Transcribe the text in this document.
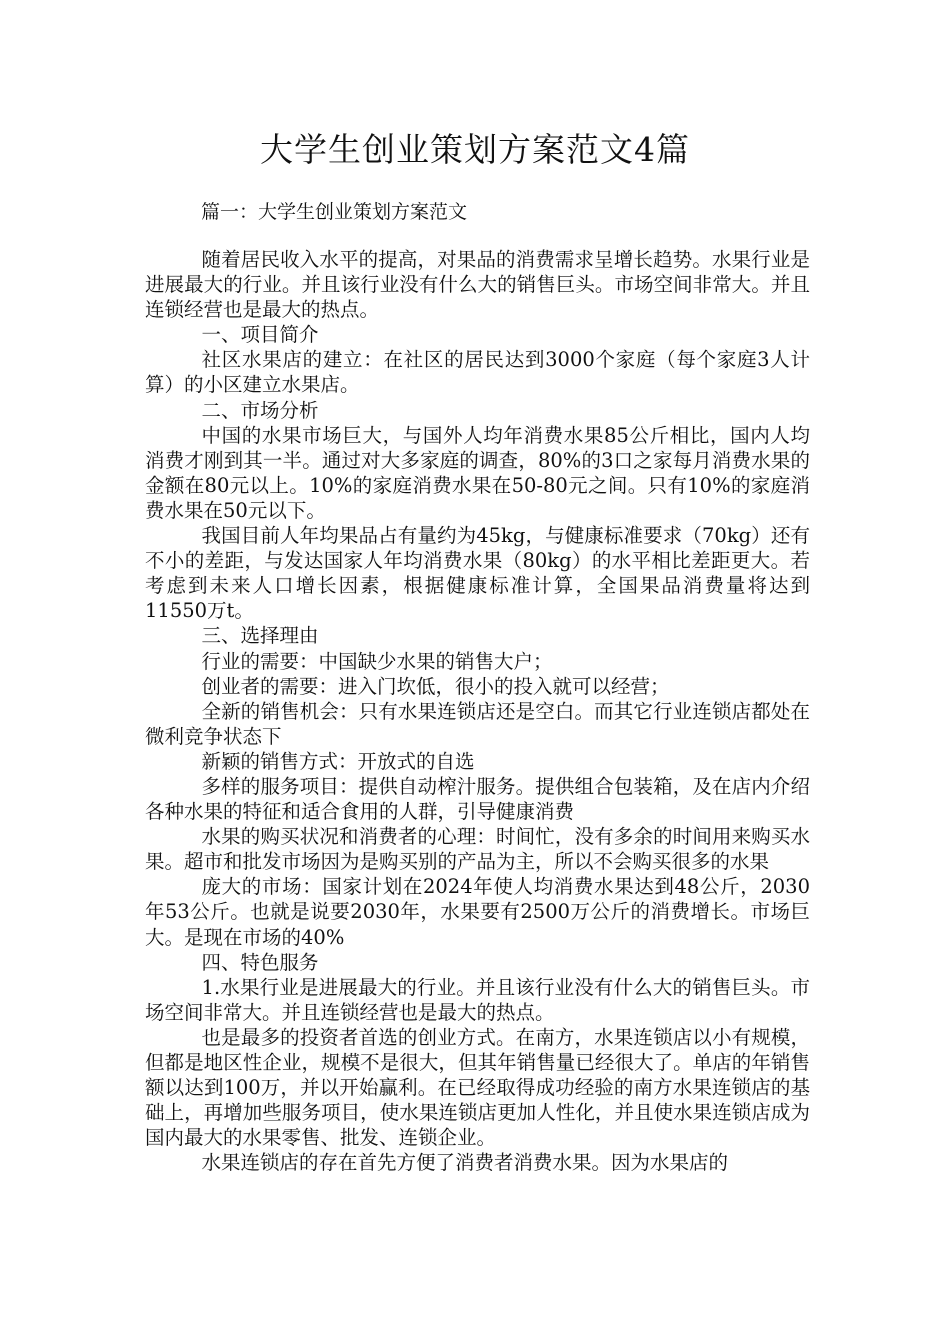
大学生创业策划方案范文4篇

篇一：大学生创业策划方案范文

随着居民收入水平的提高，对果品的消费需求呈增长趋势。水果行业是进展最大的行业。并且该行业没有什么大的销售巨头。市场空间非常大。并且连锁经营也是最大的热点。

一、项目简介

社区水果店的建立：在社区的居民达到3000个家庭（每个家庭3人计算）的小区建立水果店。

二、市场分析

中国的水果市场巨大，与国外人均年消费水果85公斤相比，国内人均消费才刚到其一半。通过对大多家庭的调查，80%的3口之家每月消费水果的金额在80元以上。10%的家庭消费水果在50-80元之间。只有10%的家庭消费水果在50元以下。

我国目前人年均果品占有量约为45kg，与健康标准要求（70kg）还有不小的差距，与发达国家人年均消费水果（80kg）的水平相比差距更大。若考虑到未来人口增长因素，根据健康标准计算，全国果品消费量将达到11550万t。

三、选择理由

行业的需要：中国缺少水果的销售大户；

创业者的需要：进入门坎低，很小的投入就可以经营；

全新的销售机会：只有水果连锁店还是空白。而其它行业连锁店都处在微利竞争状态下

新颖的销售方式：开放式的自选

多样的服务项目：提供自动榨汁服务。提供组合包装箱，及在店内介绍各种水果的特征和适合食用的人群，引导健康消费

水果的购买状况和消费者的心理：时间忙，没有多余的时间用来购买水果。超市和批发市场因为是购买别的产品为主，所以不会购买很多的水果

庞大的市场：国家计划在2024年使人均消费水果达到48公斤，2030年53公斤。也就是说要2030年，水果要有2500万公斤的消费增长。市场巨大。是现在市场的40%

四、特色服务

1.水果行业是进展最大的行业。并且该行业没有什么大的销售巨头。市场空间非常大。并且连锁经营也是最大的热点。

也是最多的投资者首选的创业方式。在南方，水果连锁店以小有规模，但都是地区性企业，规模不是很大，但其年销售量已经很大了。单店的年销售额以达到100万，并以开始赢利。在已经取得成功经验的南方水果连锁店的基础上，再增加些服务项目，使水果连锁店更加人性化，并且使水果连锁店成为国内最大的水果零售、批发、连锁企业。

水果连锁店的存在首先方便了消费者消费水果。因为水果店的
